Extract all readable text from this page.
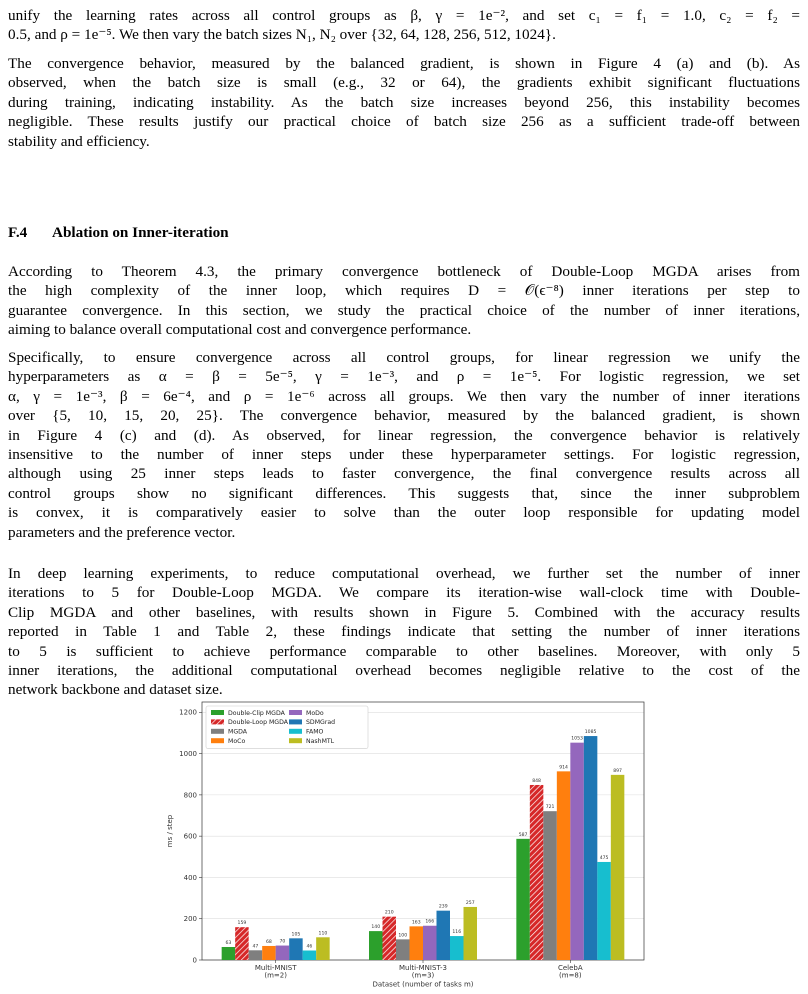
unify the learning rates across all control groups as β, γ = 1e⁻², and set c₁ = f₁ = 1.0, c₂ = f₂ =
0.5, and ρ = 1e⁻⁵. We then vary the batch sizes N₁, N₂ over {32, 64, 128, 256, 512, 1024}.
The convergence behavior, measured by the balanced gradient, is shown in Figure 4 (a) and (b). As
observed, when the batch size is small (e.g., 32 or 64), the gradients exhibit significant fluctuations
during training, indicating instability. As the batch size increases beyond 256, this instability becomes
negligible. These results justify our practical choice of batch size 256 as a sufficient trade-off between
stability and efficiency.
F.4 Ablation on Inner-iteration
According to Theorem 4.3, the primary convergence bottleneck of Double-Loop MGDA arises from
the high complexity of the inner loop, which requires D = 𝒪(ϵ⁻⁸) inner iterations per step to
guarantee convergence. In this section, we study the practical choice of the number of inner iterations,
aiming to balance overall computational cost and convergence performance.
Specifically, to ensure convergence across all control groups, for linear regression we unify the
hyperparameters as α = β = 5e⁻⁵, γ = 1e⁻³, and ρ = 1e⁻⁵. For logistic regression, we set
α, γ = 1e⁻³, β = 6e⁻⁴, and ρ = 1e⁻⁶ across all groups. We then vary the number of inner iterations
over {5, 10, 15, 20, 25}. The convergence behavior, measured by the balanced gradient, is shown
in Figure 4 (c) and (d). As observed, for linear regression, the convergence behavior is relatively
insensitive to the number of inner steps under these hyperparameter settings. For logistic regression,
although using 25 inner steps leads to faster convergence, the final convergence results across all
control groups show no significant differences. This suggests that, since the inner subproblem
is convex, it is comparatively easier to solve than the outer loop responsible for updating model
parameters and the preference vector.
In deep learning experiments, to reduce computational overhead, we further set the number of inner
iterations to 5 for Double-Loop MGDA. We compare its iteration-wise wall-clock time with Double-
Clip MGDA and other baselines, with results shown in Figure 5. Combined with the accuracy results
reported in Table 1 and Table 2, these findings indicate that setting the number of inner iterations
to 5 is sufficient to achieve performance comparable to other baselines. Moreover, with only 5
inner iterations, the additional computational overhead becomes negligible relative to the cost of the
network backbone and dataset size.
63
159
47
68 70
105
46
110
140
210
100
163 166
239
116
257
587
848
721
914
1053
1085
475
897
0
200
400
600
800
1000
1200
ms / step
Multi-MNIST
(m=2)
Multi-MNIST-3
(m=3)
CelebA
(m=8)
Dataset (number of tasks m)
Double-Clip MGDA
Double-Loop MGDA
MGDA
MoCo
MoDo
SDMGrad
FAMO
NashMTL
